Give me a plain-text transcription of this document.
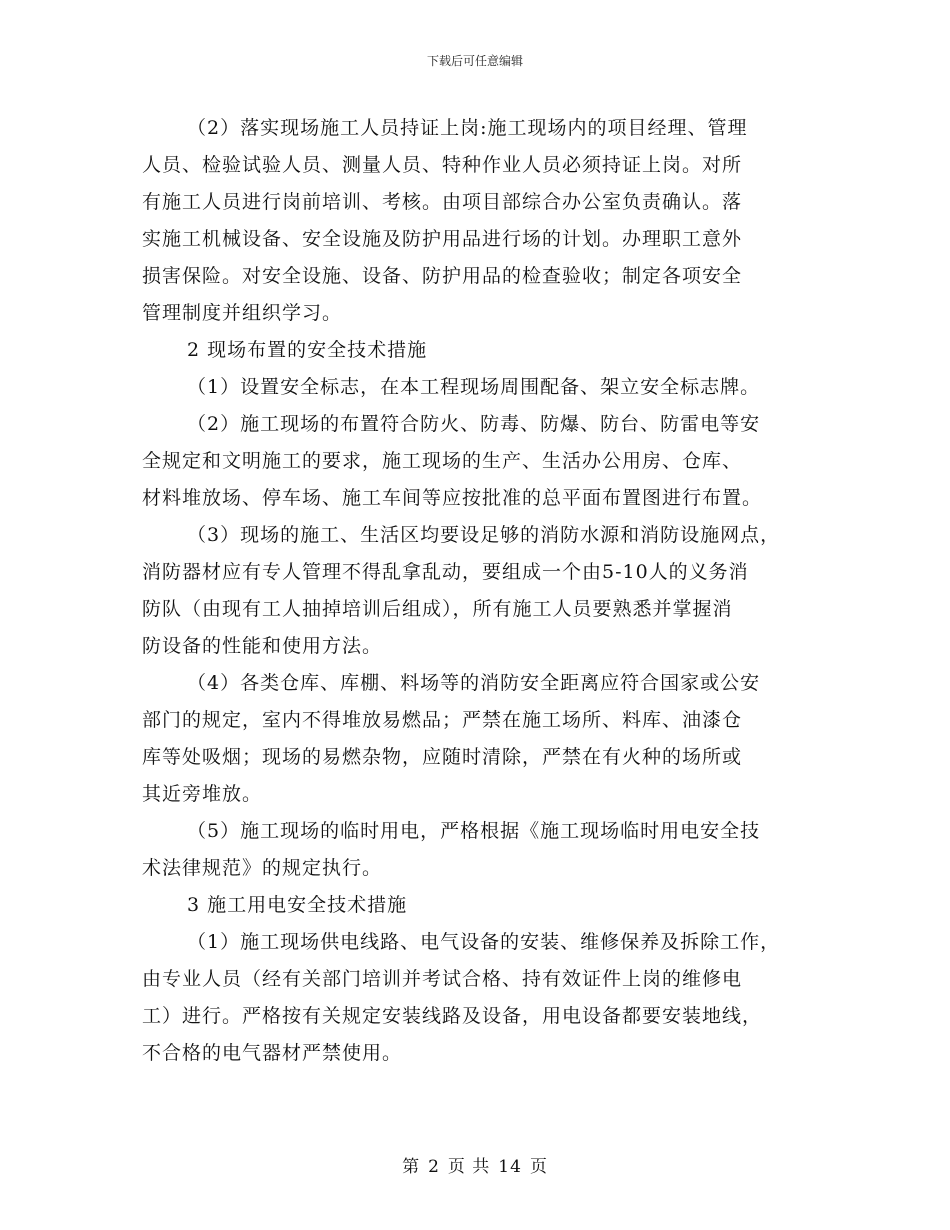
下载后可任意编辑
（2）落实现场施工人员持证上岗:施工现场内的项目经理、管理
人员、检验试验人员、测量人员、特种作业人员必须持证上岗。对所
有施工人员进行岗前培训、考核。由项目部综合办公室负责确认。落
实施工机械设备、安全设施及防护用品进行场的计划。办理职工意外
损害保险。对安全设施、设备、防护用品的检查验收；制定各项安全
管理制度并组织学习。
2 现场布置的安全技术措施
（1）设置安全标志，在本工程现场周围配备、架立安全标志牌。
（2）施工现场的布置符合防火、防毒、防爆、防台、防雷电等安
全规定和文明施工的要求，施工现场的生产、生活办公用房、仓库、
材料堆放场、停车场、施工车间等应按批准的总平面布置图进行布置。
（3）现场的施工、生活区均要设足够的消防水源和消防设施网点，
消防器材应有专人管理不得乱拿乱动，要组成一个由5-10人的义务消
防队（由现有工人抽掉培训后组成），所有施工人员要熟悉并掌握消
防设备的性能和使用方法。
（4）各类仓库、库棚、料场等的消防安全距离应符合国家或公安
部门的规定，室内不得堆放易燃品；严禁在施工场所、料库、油漆仓
库等处吸烟；现场的易燃杂物，应随时清除，严禁在有火种的场所或
其近旁堆放。
（5）施工现场的临时用电，严格根据《施工现场临时用电安全技
术法律规范》的规定执行。
3 施工用电安全技术措施
（1）施工现场供电线路、电气设备的安装、维修保养及拆除工作，
由专业人员（经有关部门培训并考试合格、持有效证件上岗的维修电
工）进行。严格按有关规定安装线路及设备，用电设备都要安装地线，
不合格的电气器材严禁使用。
第 2 页 共 14 页
